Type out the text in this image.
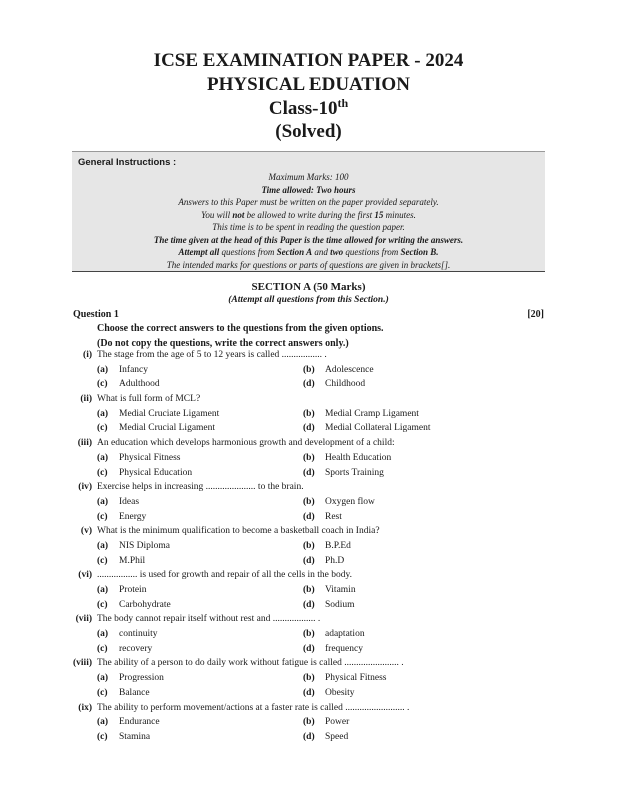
ICSE EXAMINATION PAPER - 2024
PHYSICAL EDUATION
Class-10th
(Solved)
General Instructions :
Maximum Marks: 100
Time allowed: Two hours
Answers to this Paper must be written on the paper provided separately.
You will not be allowed to write during the first 15 minutes.
This time is to be spent in reading the question paper.
The time given at the head of this Paper is the time allowed for writing the answers.
Attempt all questions from Section A and two questions from Section B.
The intended marks for questions or parts of questions are given in brackets[].
SECTION A (50 Marks)
(Attempt all questions from this Section.)
Question 1	[20]
Choose the correct answers to the questions from the given options.
(Do not copy the questions, write the correct answers only.)
(i) The stage from the age of 5 to 12 years is called ................. .
(a) Infancy	(b) Adolescence
(c) Adulthood	(d) Childhood
(ii) What is full form of MCL?
(a) Medial Cruciate Ligament	(b) Medial Cramp Ligament
(c) Medial Crucial Ligament	(d) Medial Collateral Ligament
(iii) An education which develops harmonious growth and development of a child:
(a) Physical Fitness	(b) Health Education
(c) Physical Education	(d) Sports Training
(iv) Exercise helps in increasing ..................... to the brain.
(a) Ideas	(b) Oxygen flow
(c) Energy	(d) Rest
(v) What is the minimum qualification to become a basketball coach in India?
(a) NIS Diploma	(b) B.P.Ed
(c) M.Phil	(d) Ph.D
(vi) ................. is used for growth and repair of all the cells in the body.
(a) Protein	(b) Vitamin
(c) Carbohydrate	(d) Sodium
(vii) The body cannot repair itself without rest and .................. .
(a) continuity	(b) adaptation
(c) recovery	(d) frequency
(viii) The ability of a person to do daily work without fatigue is called ....................... .
(a) Progression	(b) Physical Fitness
(c) Balance	(d) Obesity
(ix) The ability to perform movement/actions at a faster rate is called ......................... .
(a) Endurance	(b) Power
(c) Stamina	(d) Speed
